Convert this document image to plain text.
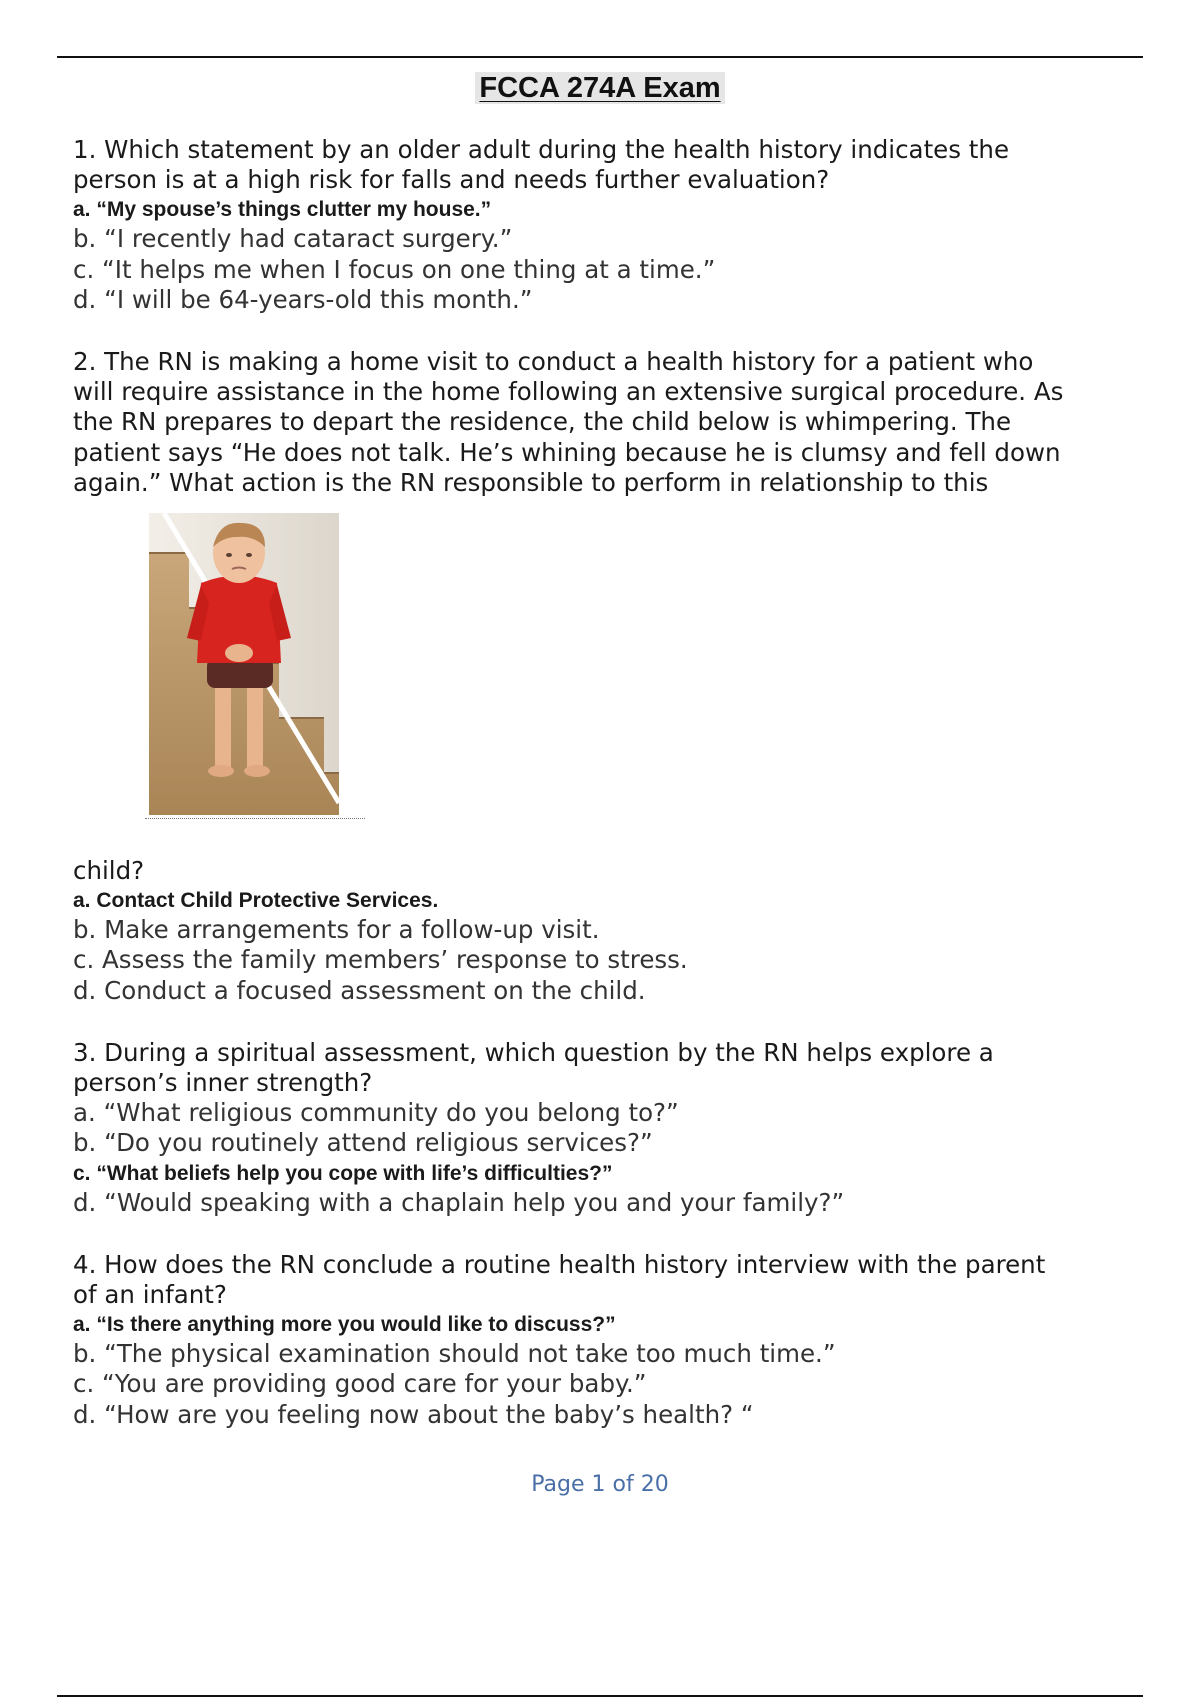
FCCA 274A Exam
1. Which statement by an older adult during the health history indicates the
person is at a high risk for falls and needs further evaluation?
a. “My spouse’s things clutter my house.”
b. “I recently had cataract surgery.”
c. “It helps me when I focus on one thing at a time.”
d. “I will be 64-years-old this month.”
2. The RN is making a home visit to conduct a health history for a patient who
will require assistance in the home following an extensive surgical procedure. As
the RN prepares to depart the residence, the child below is whimpering. The
patient says “He does not talk. He’s whining because he is clumsy and fell down
again.” What action is the RN responsible to perform in relationship to this
child?
a. Contact Child Protective Services.
b. Make arrangements for a follow-up visit.
c. Assess the family members’ response to stress.
d. Conduct a focused assessment on the child.
3. During a spiritual assessment, which question by the RN helps explore a
person’s inner strength?
a. “What religious community do you belong to?”
b. “Do you routinely attend religious services?”
c. “What beliefs help you cope with life’s difficulties?”
d. “Would speaking with a chaplain help you and your family?”
4. How does the RN conclude a routine health history interview with the parent
of an infant?
a. “Is there anything more you would like to discuss?”
b. “The physical examination should not take too much time.”
c. “You are providing good care for your baby.”
d. “How are you feeling now about the baby’s health? “
Page 1 of 20
